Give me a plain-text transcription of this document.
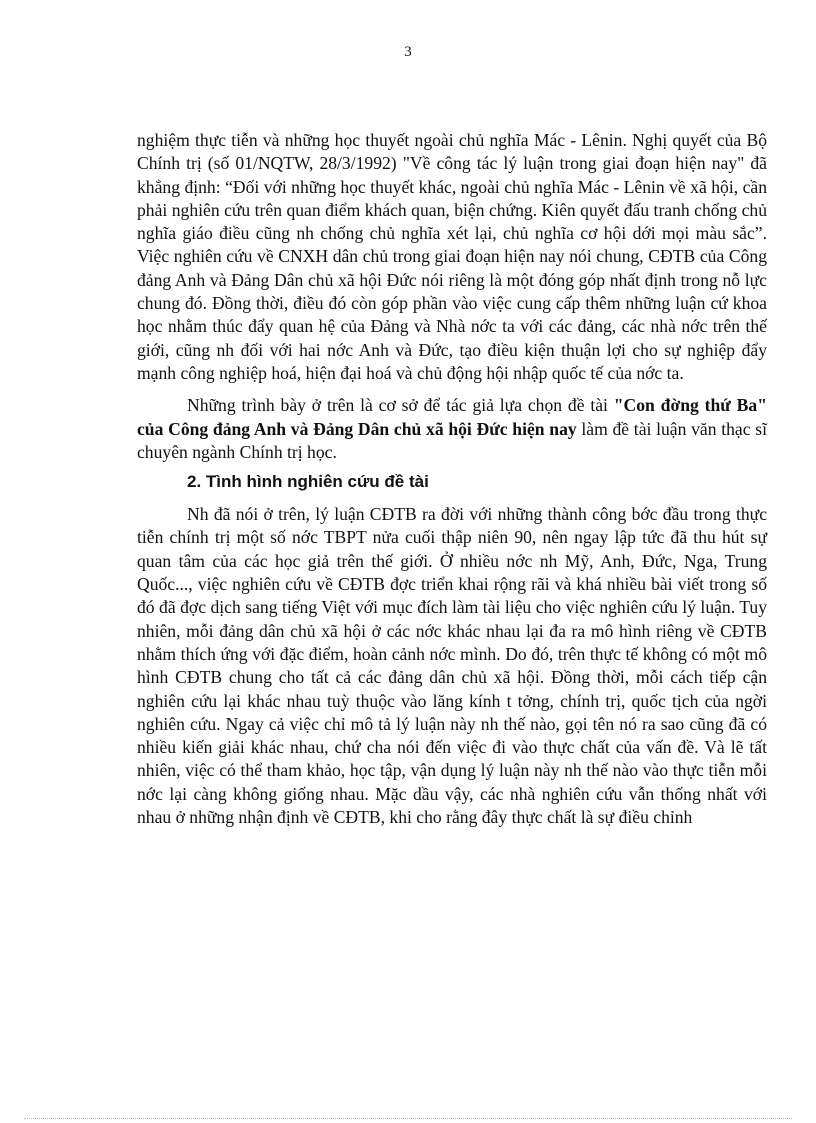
3

nghiệm thực tiễn và những học thuyết ngoài chủ nghĩa Mác - Lênin. Nghị quyết của Bộ Chính trị (số 01/NQTW, 28/3/1992) "Về công tác lý luận trong giai đoạn hiện nay" đã khẳng định: “Đối với những học thuyết khác, ngoài chủ nghĩa Mác - Lênin về xã hội, cần phải nghiên cứu trên quan điểm khách quan, biện chứng. Kiên quyết đấu tranh chống chủ nghĩa giáo điều cũng nh chống chủ nghĩa xét lại, chủ nghĩa cơ hội dới mọi màu sắc”. Việc nghiên cứu về CNXH dân chủ trong giai đoạn hiện nay nói chung, CĐTB của Công đảng Anh và Đảng Dân chủ xã hội Đức nói riêng là một đóng góp nhất định trong nỗ lực chung đó. Đồng thời, điều đó còn góp phần vào việc cung cấp thêm những luận cứ khoa học nhằm thúc đẩy quan hệ của Đảng và Nhà nớc ta với các đảng, các nhà nớc trên thế giới, cũng nh đối với hai nớc Anh và Đức, tạo điều kiện thuận lợi cho sự nghiệp đẩy mạnh công nghiệp hoá, hiện đại hoá và chủ động hội nhập quốc tế của nớc ta.

Những trình bày ở trên là cơ sở để tác giả lựa chọn đề tài "Con đờng thứ Ba" của Công đảng Anh và Đảng Dân chủ xã hội Đức hiện nay làm đề tài luận văn thạc sĩ chuyên ngành Chính trị học.

2. Tình hình nghiên cứu đề tài

Nh đã nói ở trên, lý luận CĐTB ra đời với những thành công bớc đầu trong thực tiễn chính trị một số nớc TBPT nửa cuối thập niên 90, nên ngay lập tức đã thu hút sự quan tâm của các học giả trên thế giới. Ở nhiều nớc nh Mỹ, Anh, Đức, Nga, Trung Quốc..., việc nghiên cứu về CĐTB đợc triển khai rộng rãi và khá nhiều bài viết trong số đó đã đợc dịch sang tiếng Việt với mục đích làm tài liệu cho việc nghiên cứu lý luận. Tuy nhiên, mỗi đảng dân chủ xã hội ở các nớc khác nhau lại đa ra mô hình riêng về CĐTB nhằm thích ứng với đặc điểm, hoàn cảnh nớc mình. Do đó, trên thực tế không có một mô hình CĐTB chung cho tất cả các đảng dân chủ xã hội. Đồng thời, mỗi cách tiếp cận nghiên cứu lại khác nhau tuỳ thuộc vào lăng kính t tởng, chính trị, quốc tịch của ngời nghiên cứu. Ngay cả việc chỉ mô tả lý luận này nh thế nào, gọi tên nó ra sao cũng đã có nhiều kiến giải khác nhau, chứ cha nói đến việc đi vào thực chất của vấn đề. Và lẽ tất nhiên, việc có thể tham khảo, học tập, vận dụng lý luận này nh thế nào vào thực tiễn mỗi nớc lại càng không giống nhau. Mặc dầu vậy, các nhà nghiên cứu vẫn thống nhất với nhau ở những nhận định về CĐTB, khi cho rằng đây thực chất là sự điều chỉnh
